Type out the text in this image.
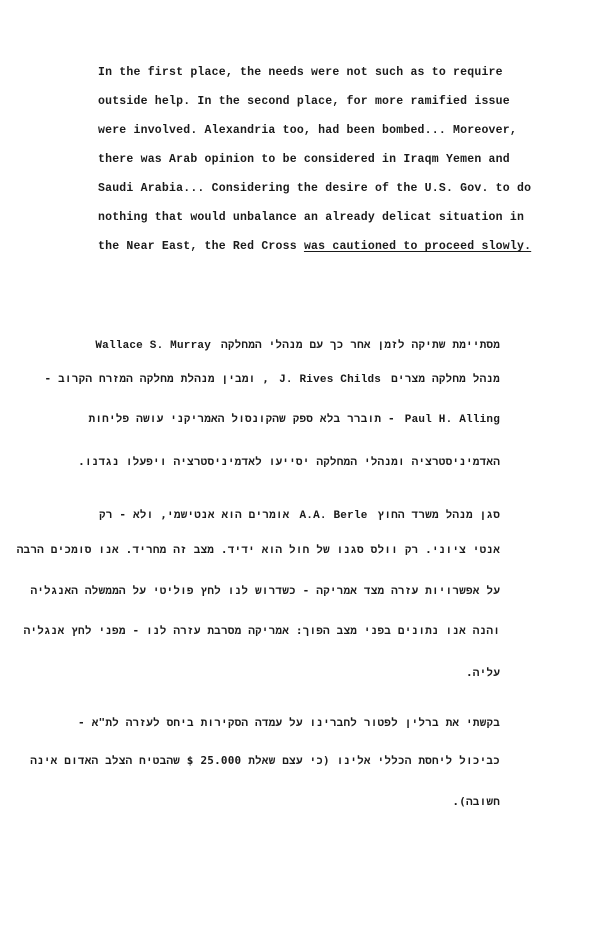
In the first place, the needs were not such as to require
outside help. In the second place, for more ramified issue
were involved. Alexandria too, had been bombed... Moreover,
there was Arab opinion to be considered in Iraqm Yemen and
Saudi Arabia... Considering the desire of the U.S. Gov. to do
nothing that would unbalance an already delicat situation in
the Near East, the Red Cross was cautioned to proceed slowly.
מסתיימת שתיקה לזמן אחר כך עם מנהלי המחלקהWallace S. Murray
מנהל מחלקה מצריםJ. Rives Childs, ומבין מנהלת מחלקה המזרח הקרוב -
Paul H. Alling- תוברר בלא ספק שהקונסול האמריקני עושה פליחות
האדמיניסטרציה ומנהלי המחלקה יסייעו לאדמיניסטרציה ויפעלו נגדנו.
סגן מנהל משרד החוץA.A. Berleאומרים הוא אנטישמי, ולא - רק
אנטי ציוני. רק וולס סגנו של חול הוא ידיד. מצב זה מחריד. אנו סומכים הרבה
על אפשרויות עזרה מצד אמריקה - כשדרוש לנו לחץ פוליטי על הממשלה האנגליה
והנה אנו נתונים בפני מצב הפוך: אמריקה מסרבת עזרה לנו - מפני לחץ אנגליה
עליה.
בקשתי את ברלין לפטור לחברינו על עמדה הסקירות ביחס לעזרה לת"א -
כביכול ליחסת הכללי אלינו (כי עצם שאלת 25.000 $ שהבטיח הצלב האדום אינה
חשובה).
